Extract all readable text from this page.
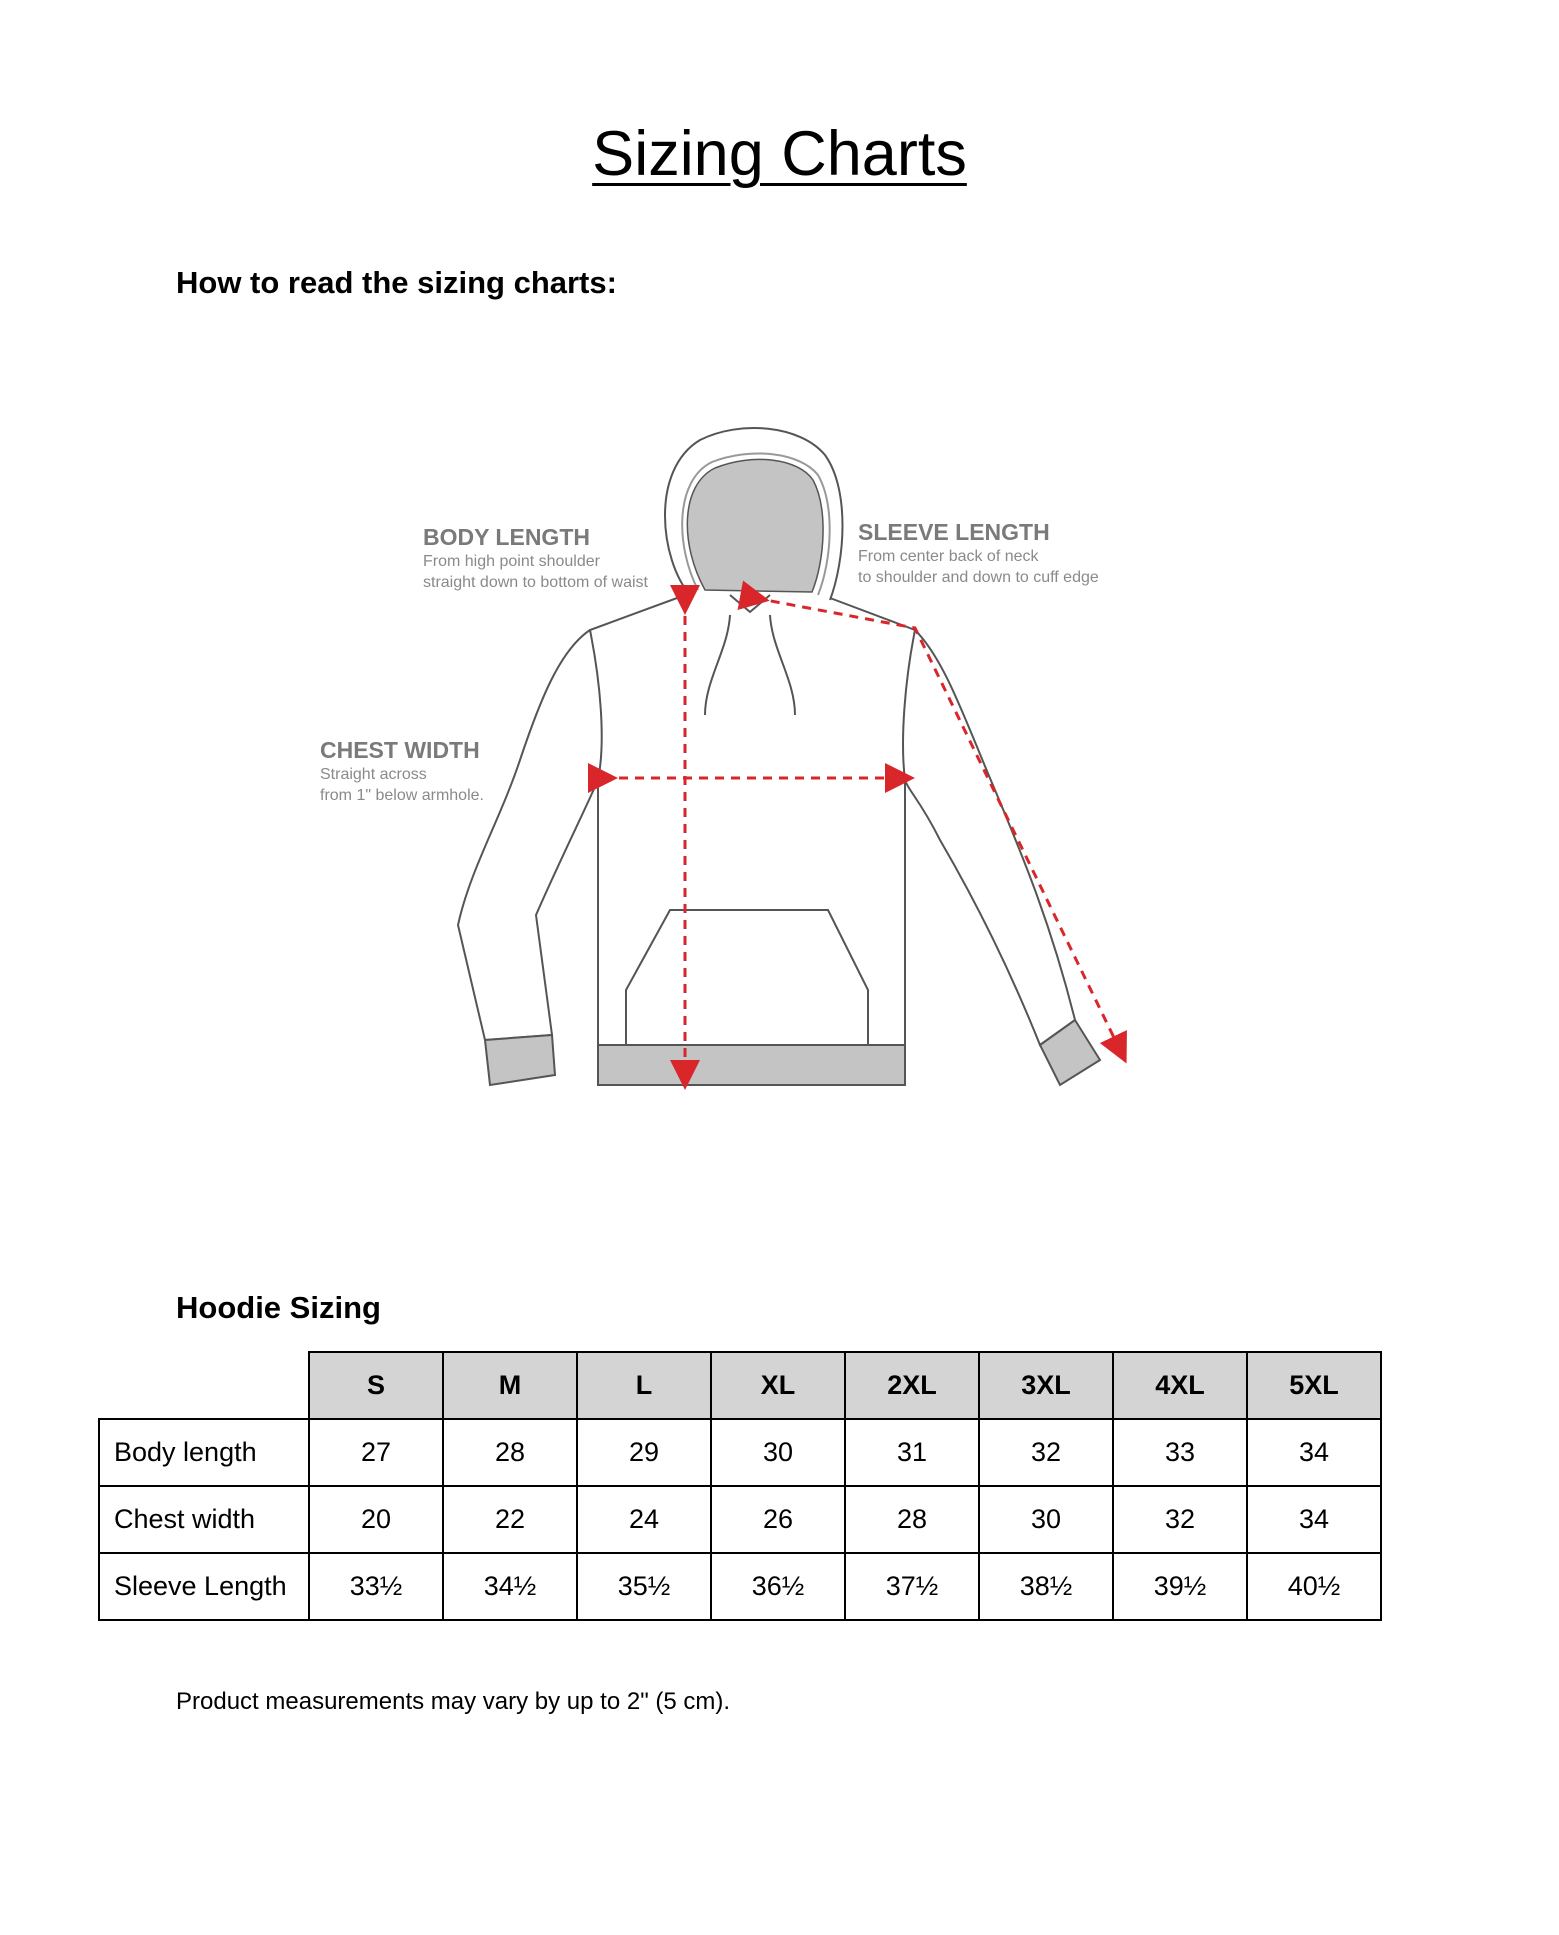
Sizing Charts
How to read the sizing charts:
BODY LENGTH
From high point shoulder
straight down to bottom of waist
SLEEVE LENGTH
From center back of neck
to shoulder and down to cuff edge
CHEST WIDTH
Straight across
from 1" below armhole.
Hoodie Sizing
	S	M	L	XL	2XL	3XL	4XL	5XL
Body length	27	28	29	30	31	32	33	34
Chest width	20	22	24	26	28	30	32	34
Sleeve Length	33½	34½	35½	36½	37½	38½	39½	40½

Product measurements may vary by up to 2" (5 cm).
